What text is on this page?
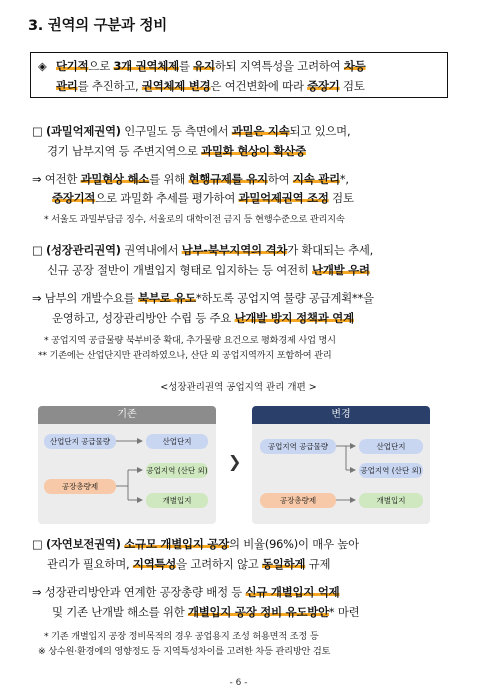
3. 권역의 구분과 정비
◈ 단기적으로 3개 권역체제를 유지하되 지역특성을 고려하여 차등
관리를 추진하고, 권역체제 변경은 여건변화에 따라 중장기 검토
□ (과밀억제권역) 인구밀도 등 측면에서 과밀은 지속되고 있으며,
경기 남부지역 등 주변지역으로 과밀화 현상이 확산중
⇒ 여전한 과밀현상 해소를 위해 현행규제를 유지하여 지속 관리*,
중장기적으로 과밀화 추세를 평가하여 과밀억제권역 조정 검토
* 서울도 과밀부담금 징수, 서울로의 대학이전 금지 등 현행수준으로 관리지속
□ (성장관리권역) 권역내에서 남부-북부지역의 격차가 확대되는 추세,
신규 공장 절반이 개별입지 형태로 입지하는 등 여전히 난개발 우려
⇒ 남부의 개발수요를 북부로 유도*하도록 공업지역 물량 공급계획**을
운영하고, 성장관리방안 수립 등 주요 난개발 방지 정책과 연계
* 공업지역 공급물량 북부비중 확대, 추가물량 요건으로 평화경제 사업 명시
** 기존에는 산업단지만 관리하였으나, 산단 외 공업지역까지 포함하여 관리
<성장관리권역 공업지역 관리 개편 >
기존	변경
산업단지 공급물량
공장총량제
산업단지
공업지역 (산단 외)
개별입지
❯
공업지역 공급물량
공장총량제
산업단지
공업지역 (산단 외)
개별입지
□ (자연보전권역) 소규모 개별입지 공장의 비율(96%)이 매우 높아
관리가 필요하며, 지역특성을 고려하지 않고 동일하게 규제
⇒ 성장관리방안과 연계한 공장총량 배정 등 신규 개별입지 억제
및 기존 난개발 해소를 위한 개별입지 공장 정비 유도방안* 마련
* 기존 개별입지 공장 정비목적의 경우 공업용지 조성 허용면적 조정 등
※ 상수원·환경에의 영향정도 등 지역특성차이를 고려한 차등 관리방안 검토
- 6 -
